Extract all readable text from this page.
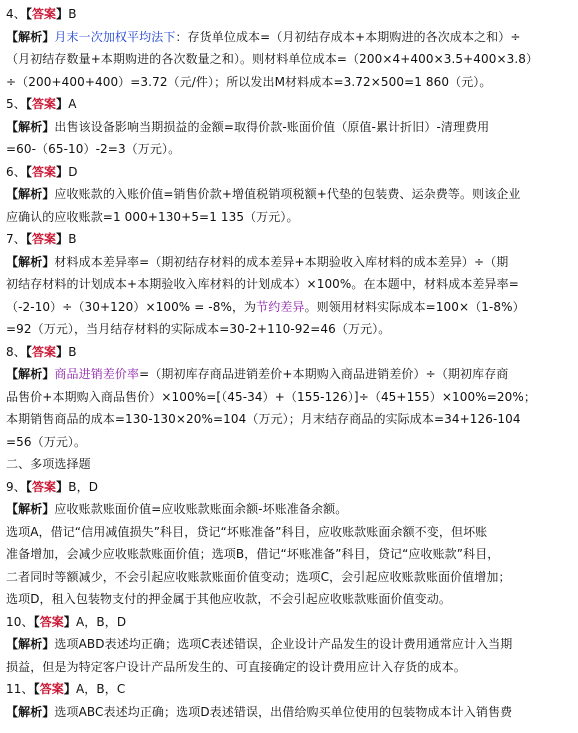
4、【答案】B
【解析】月末一次加权平均法下：存货单位成本=（月初结存成本+本期购进的各次成本之和）÷
（月初结存数量+本期购进的各次数量之和）。则材料单位成本=（200×4+400×3.5+400×3.8）
÷（200+400+400）=3.72（元/件）；所以发出M材料成本=3.72×500=1 860（元）。
5、【答案】A
【解析】出售该设备影响当期损益的金额=取得价款-账面价值（原值-累计折旧）-清理费用
=60-（65-10）-2=3（万元）。
6、【答案】D
【解析】应收账款的入账价值=销售价款+增值税销项税额+代垫的包装费、运杂费等。则该企业
应确认的应收账款=1 000+130+5=1 135（万元）。
7、【答案】B
【解析】材料成本差异率=（期初结存材料的成本差异+本期验收入库材料的成本差异）÷（期
初结存材料的计划成本+本期验收入库材料的计划成本）×100%。在本题中，材料成本差异率=
（-2-10）÷（30+120）×100% = -8%，为节约差异。则领用材料实际成本=100×（1-8%）
=92（万元），当月结存材料的实际成本=30-2+110-92=46（万元）。
8、【答案】B
【解析】商品进销差价率=（期初库存商品进销差价+本期购入商品进销差价）÷（期初库存商
品售价+本期购入商品售价）×100%=[（45-34）+（155-126）]÷（45+155）×100%=20%；
本期销售商品的成本=130-130×20%=104（万元）；月末结存商品的实际成本=34+126-104
=56（万元）。
二、多项选择题
9、【答案】B，D
【解析】应收账款账面价值=应收账款账面余额-坏账准备余额。
选项A，借记“信用减值损失”科目，贷记“坏账准备”科目，应收账款账面余额不变，但坏账
准备增加，会减少应收账款账面价值；选项B，借记“坏账准备”科目，贷记“应收账款”科目，
二者同时等额减少，不会引起应收账款账面价值变动；选项C，会引起应收账款账面价值增加；
选项D，租入包装物支付的押金属于其他应收款，不会引起应收账款账面价值变动。
10、【答案】A，B，D
【解析】选项ABD表述均正确；选项C表述错误，企业设计产品发生的设计费用通常应计入当期
损益，但是为特定客户设计产品所发生的、可直接确定的设计费用应计入存货的成本。
11、【答案】A，B，C
【解析】选项ABC表述均正确；选项D表述错误，出借给购买单位使用的包装物成本计入销售费
